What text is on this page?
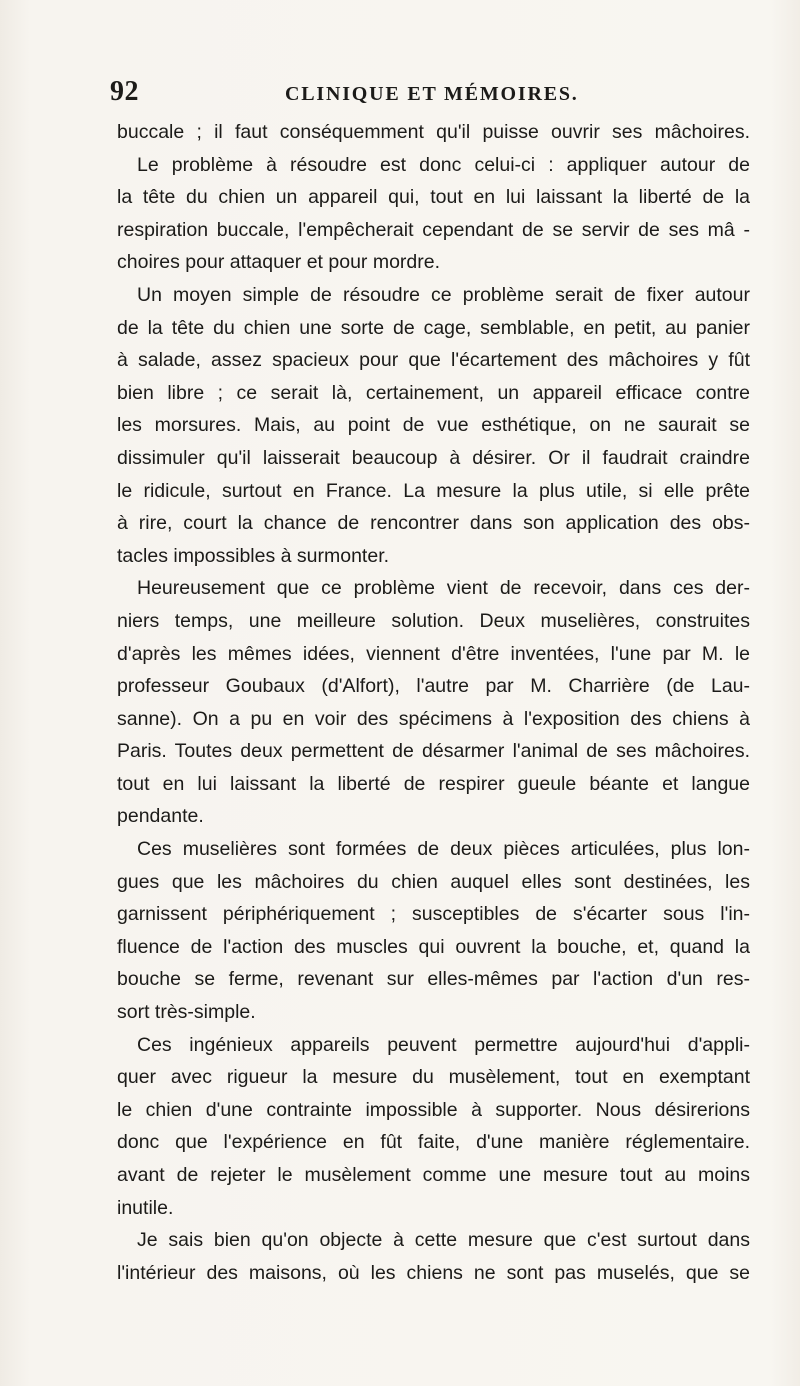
92	CLINIQUE ET MÉMOIRES.
buccale ; il faut conséquemment qu'il puisse ouvrir ses mâchoires.
Le problème à résoudre est donc celui-ci : appliquer autour de
la tête du chien un appareil qui, tout en lui laissant la liberté de la
respiration buccale, l'empêcherait cependant de se servir de ses mâ -
choires pour attaquer et pour mordre.
Un moyen simple de résoudre ce problème serait de fixer autour
de la tête du chien une sorte de cage, semblable, en petit, au panier
à salade, assez spacieux pour que l'écartement des mâchoires y fût
bien libre ; ce serait là, certainement, un appareil efficace contre
les morsures. Mais, au point de vue esthétique, on ne saurait se
dissimuler qu'il laisserait beaucoup à désirer. Or il faudrait craindre
le ridicule, surtout en France. La mesure la plus utile, si elle prête
à rire, court la chance de rencontrer dans son application des obs-
tacles impossibles à surmonter.
Heureusement que ce problème vient de recevoir, dans ces der-
niers temps, une meilleure solution. Deux muselières, construites
d'après les mêmes idées, viennent d'être inventées, l'une par M. le
professeur Goubaux (d'Alfort), l'autre par M. Charrière (de Lau-
sanne). On a pu en voir des spécimens à l'exposition des chiens à
Paris. Toutes deux permettent de désarmer l'animal de ses mâchoires.
tout en lui laissant la liberté de respirer gueule béante et langue
pendante.
Ces muselières sont formées de deux pièces articulées, plus lon-
gues que les mâchoires du chien auquel elles sont destinées, les
garnissent périphériquement ; susceptibles de s'écarter sous l'in-
fluence de l'action des muscles qui ouvrent la bouche, et, quand la
bouche se ferme, revenant sur elles-mêmes par l'action d'un res-
sort très-simple.
Ces ingénieux appareils peuvent permettre aujourd'hui d'appli-
quer avec rigueur la mesure du musèlement, tout en exemptant
le chien d'une contrainte impossible à supporter. Nous désirerions
donc que l'expérience en fût faite, d'une manière réglementaire.
avant de rejeter le musèlement comme une mesure tout au moins
inutile.
Je sais bien qu'on objecte à cette mesure que c'est surtout dans
l'intérieur des maisons, où les chiens ne sont pas muselés, que se
